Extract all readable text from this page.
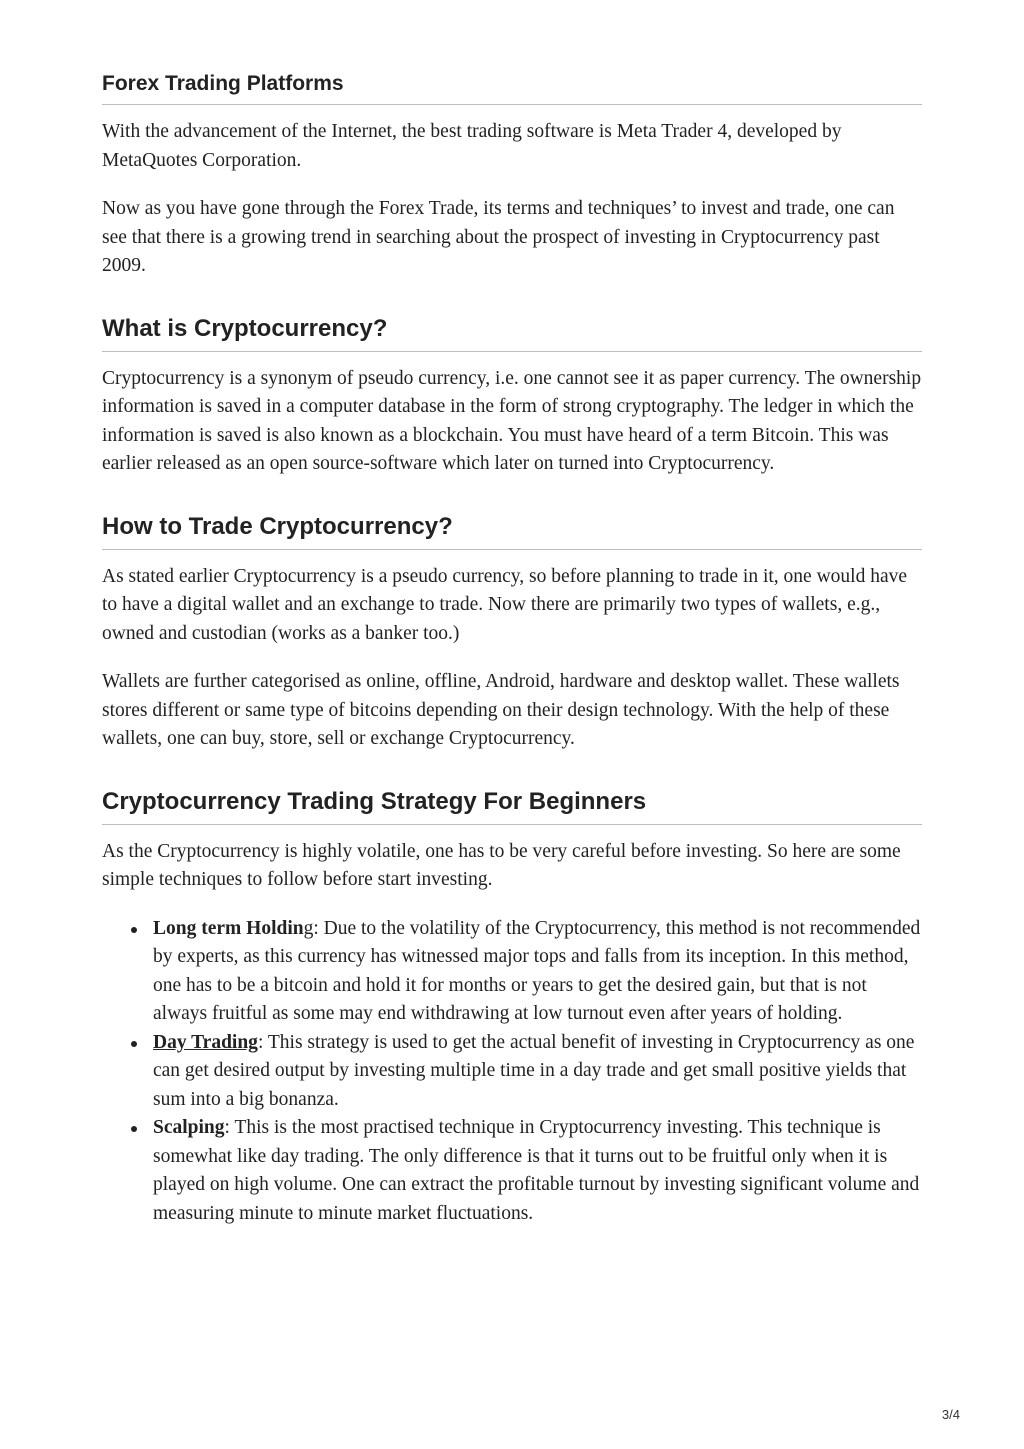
Forex Trading Platforms

With the advancement of the Internet, the best trading software is Meta Trader 4, developed by MetaQuotes Corporation.

Now as you have gone through the Forex Trade, its terms and techniques’ to invest and trade, one can see that there is a growing trend in searching about the prospect of investing in Cryptocurrency past 2009.

What is Cryptocurrency?

Cryptocurrency is a synonym of pseudo currency, i.e. one cannot see it as paper currency. The ownership information is saved in a computer database in the form of strong cryptography. The ledger in which the information is saved is also known as a blockchain. You must have heard of a term Bitcoin. This was earlier released as an open source-software which later on turned into Cryptocurrency.

How to Trade Cryptocurrency?

As stated earlier Cryptocurrency is a pseudo currency, so before planning to trade in it, one would have to have a digital wallet and an exchange to trade. Now there are primarily two types of wallets, e.g., owned and custodian (works as a banker too.)

Wallets are further categorised as online, offline, Android, hardware and desktop wallet. These wallets stores different or same type of bitcoins depending on their design technology. With the help of these wallets, one can buy, store, sell or exchange Cryptocurrency.

Cryptocurrency Trading Strategy For Beginners

As the Cryptocurrency is highly volatile, one has to be very careful before investing. So here are some simple techniques to follow before start investing.

Long term Holding: Due to the volatility of the Cryptocurrency, this method is not recommended by experts, as this currency has witnessed major tops and falls from its inception. In this method, one has to be a bitcoin and hold it for months or years to get the desired gain, but that is not always fruitful as some may end withdrawing at low turnout even after years of holding.
Day Trading: This strategy is used to get the actual benefit of investing in Cryptocurrency as one can get desired output by investing multiple time in a day trade and get small positive yields that sum into a big bonanza.
Scalping: This is the most practised technique in Cryptocurrency investing. This technique is somewhat like day trading. The only difference is that it turns out to be fruitful only when it is played on high volume. One can extract the profitable turnout by investing significant volume and measuring minute to minute market fluctuations.
3/4
